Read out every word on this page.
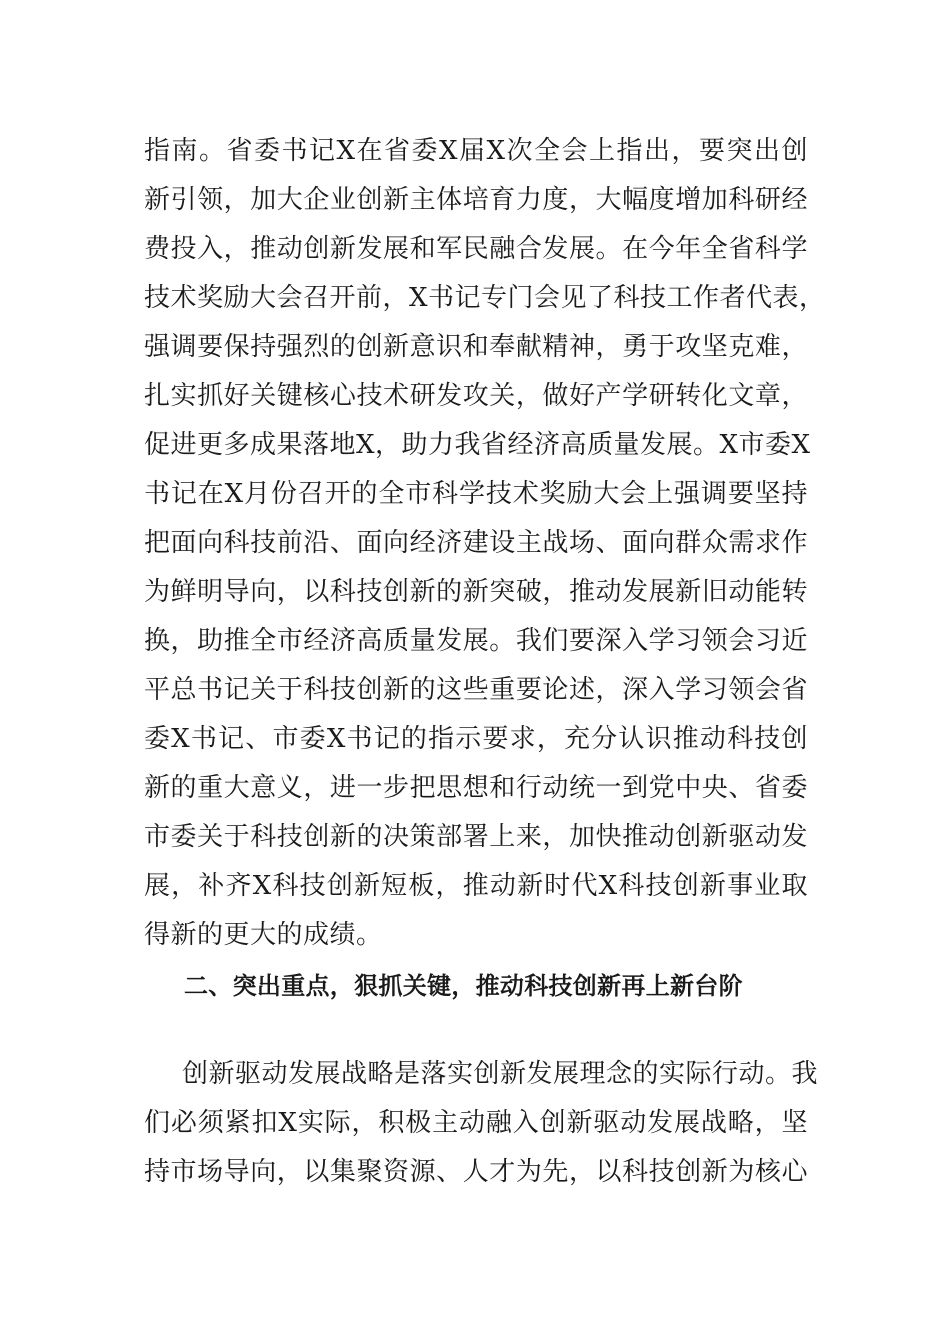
指南。省委书记X在省委X届X次全会上指出，要突出创
新引领，加大企业创新主体培育力度，大幅度增加科研经
费投入，推动创新发展和军民融合发展。在今年全省科学
技术奖励大会召开前，X书记专门会见了科技工作者代表，
强调要保持强烈的创新意识和奉献精神，勇于攻坚克难，
扎实抓好关键核心技术研发攻关，做好产学研转化文章，
促进更多成果落地X，助力我省经济高质量发展。X市委X
书记在X月份召开的全市科学技术奖励大会上强调要坚持
把面向科技前沿、面向经济建设主战场、面向群众需求作
为鲜明导向，以科技创新的新突破，推动发展新旧动能转
换，助推全市经济高质量发展。我们要深入学习领会习近
平总书记关于科技创新的这些重要论述，深入学习领会省
委X书记、市委X书记的指示要求，充分认识推动科技创
新的重大意义，进一步把思想和行动统一到党中央、省委
市委关于科技创新的决策部署上来，加快推动创新驱动发
展，补齐X科技创新短板，推动新时代X科技创新事业取
得新的更大的成绩。
二、突出重点，狠抓关键，推动科技创新再上新台阶
创新驱动发展战略是落实创新发展理念的实际行动。我
们必须紧扣X实际，积极主动融入创新驱动发展战略，坚
持市场导向，以集聚资源、人才为先，以科技创新为核心
